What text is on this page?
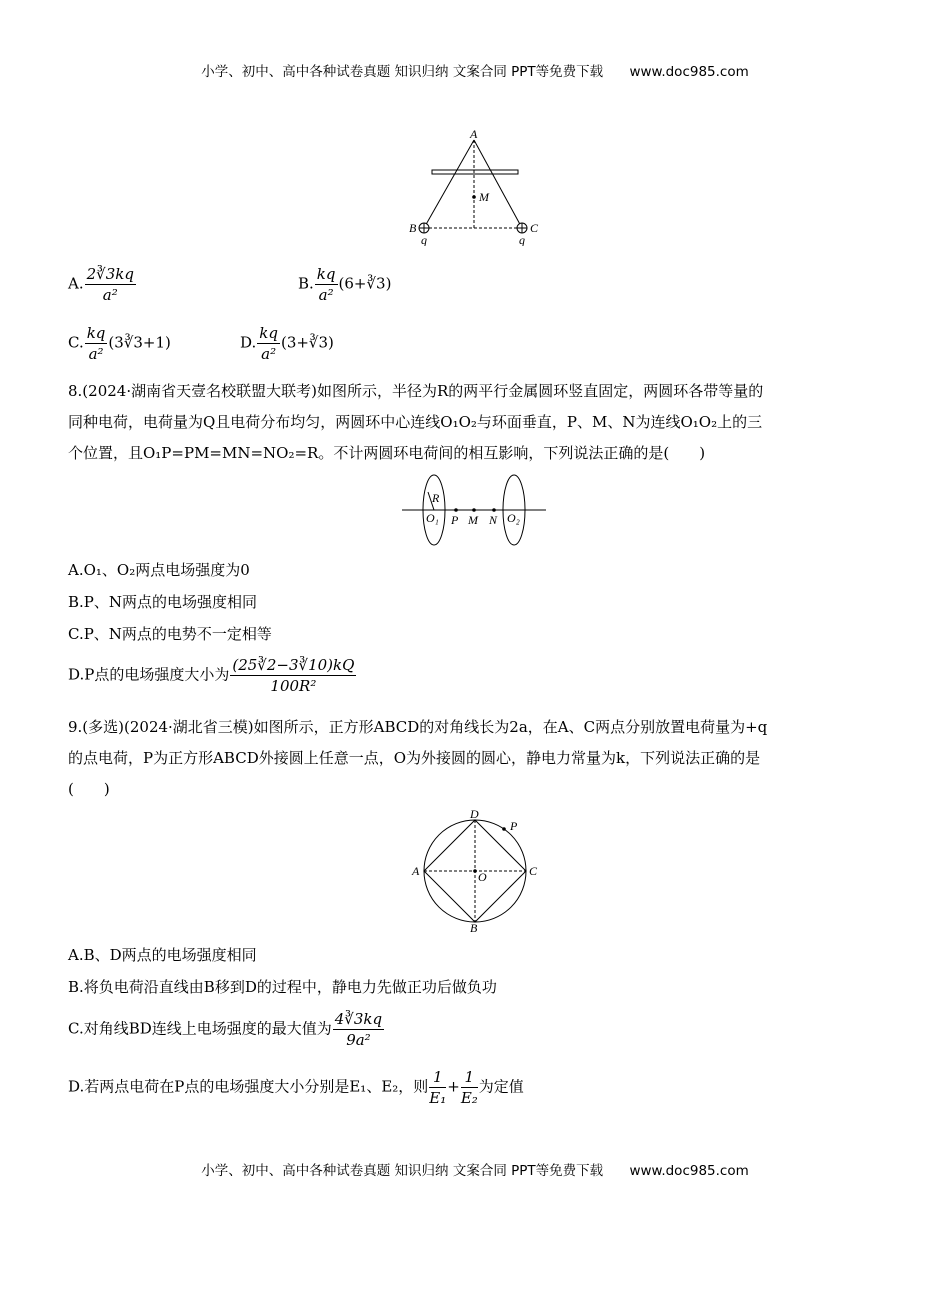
小学、初中、高中各种试卷真题 知识归纳 文案合同 PPT等免费下载 www.doc985.com
A
M
B	C
q	q
A. $\frac{2∛3kq}{\text{a²}}$	B. $\frac{kq}{\text{a²}}$ (6+∛3)
C. $\frac{kq}{\text{a²}}$ (3∛3+1)	D. $\frac{kq}{\text{a²}}$ (3+∛3)
8.(2024·湖南省天壹名校联盟大联考)如图所示，半径为R的两平行金属圆环竖直固定，两圆环各带等量的
同种电荷，电荷量为Q且电荷分布均匀，两圆环中心连线O₁O₂与环面垂直，P、M、N为连线O₁O₂上的三
个位置，且O₁P=PM=MN=NO₂=R。不计两圆环电荷间的相互影响，下列说法正确的是(　　)
R
O₁ P M N O₂
A.O₁、O₂两点电场强度为0
B.P、N两点的电场强度相同
C.P、N两点的电势不一定相等
D.P点的电场强度大小为 $\frac{(25∛2-3∛10)kQ}{\text{100R²}}$
9.(多选)(2024·湖北省三模)如图所示，正方形ABCD的对角线长为2a，在A、C两点分别放置电荷量为+q
的点电荷，P为正方形ABCD外接圆上任意一点，O为外接圆的圆心，静电力常量为k，下列说法正确的是
(　　)
D
P
A	C
O
B
A.B、D两点的电场强度相同
B.将负电荷沿直线由B移到D的过程中，静电力先做正功后做负功
C.对角线BD连线上电场强度的最大值为 $\frac{4∛3kq}{\text{9a²}}$
D.若两点电荷在P点的电场强度大小分别是E₁、E₂，则 $\frac{1}{\text{E₁}} + \frac{1}{\text{E₂}}$ 为定值
小学、初中、高中各种试卷真题 知识归纳 文案合同 PPT等免费下载 www.doc985.com
